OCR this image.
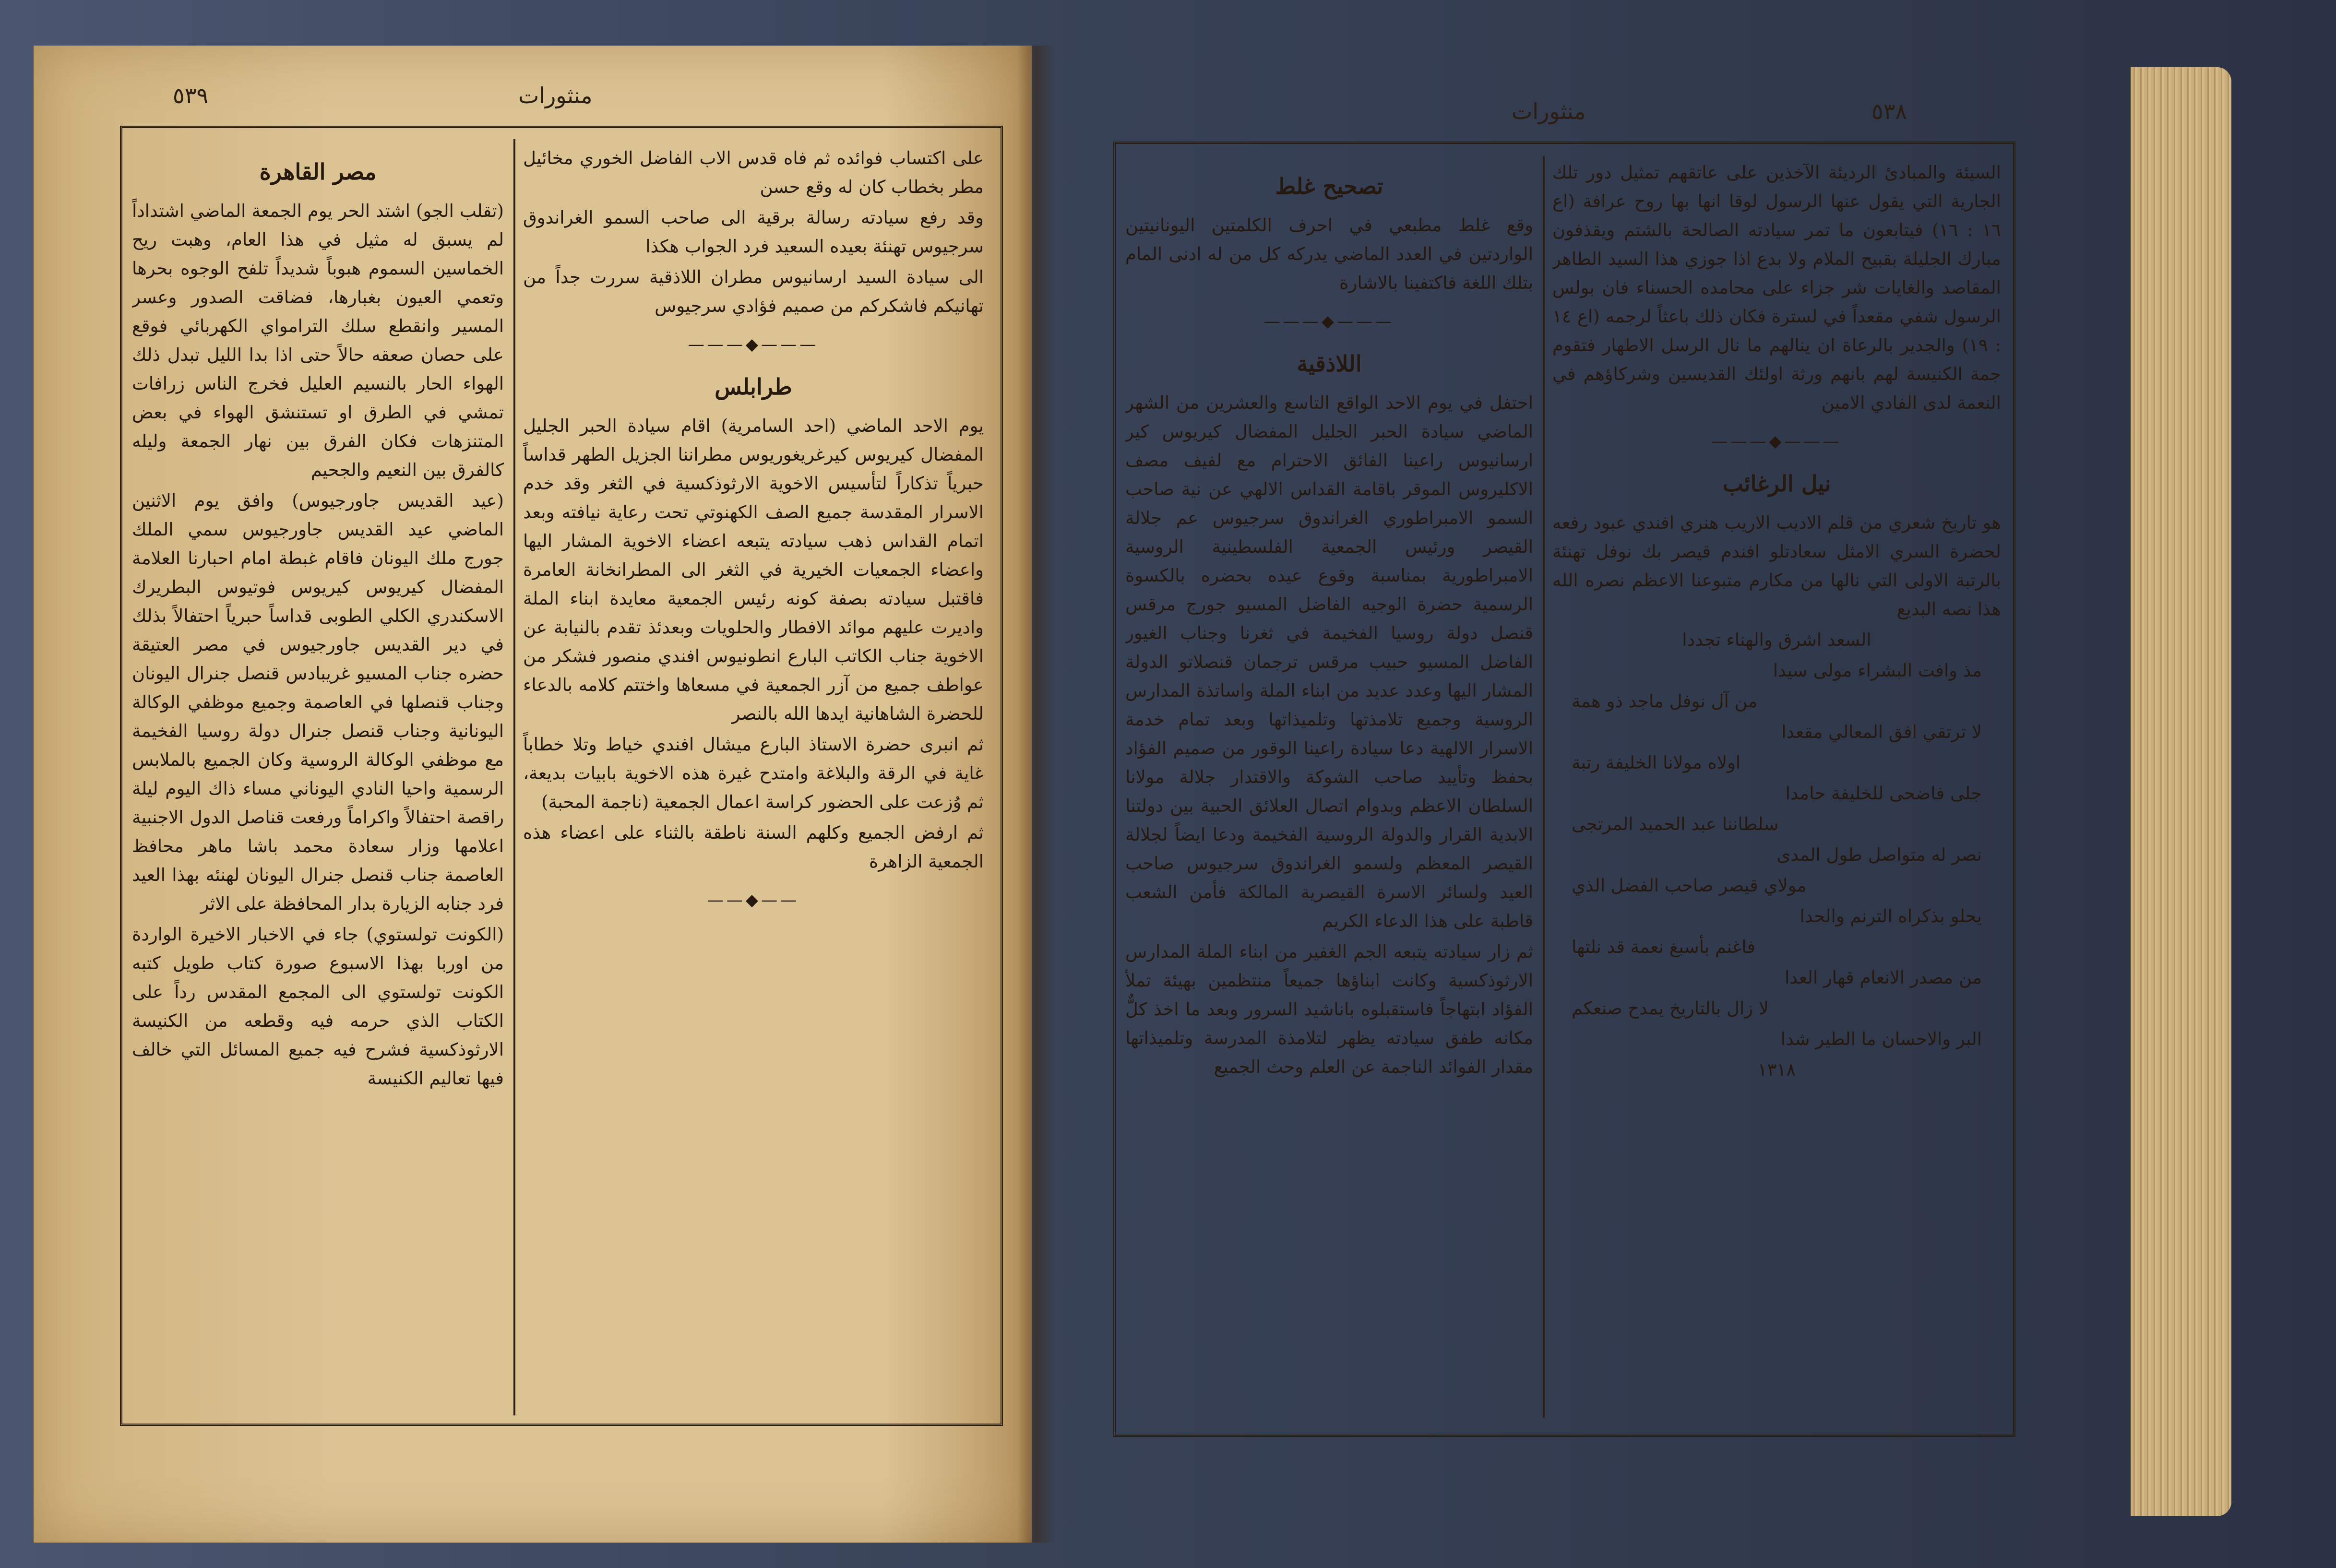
٥٣٩	منثورات

على اكتساب فوائده ثم فاه قدس الاب الفاضل الخوري مخائيل مطر بخطاب كان له وقع حسن

وقد رفع سيادته رسالة برقية الى صاحب السمو الغراندوق سرجيوس تهنئة بعيده السعيد فرد الجواب هكذا

الى سيادة السيد ارسانيوس مطران اللاذقية سررت جداً من تهانيكم فاشكركم من صميم فؤادي سرجيوس

———◆———
طرابلس

يوم الاحد الماضي (احد السامرية) اقام سيادة الحبر الجليل المفضال كيريوس كيرغريغوريوس مطراننا الجزيل الطهر قداساً حبرياً تذكاراً لتأسيس الاخوية الارثوذكسية في الثغر وقد خدم الاسرار المقدسة جميع الصف الكهنوتي تحت رعاية نيافته وبعد اتمام القداس ذهب سيادته يتبعه اعضاء الاخوية المشار اليها واعضاء الجمعيات الخيرية في الثغر الى المطرانخانة العامرة فاقتبل سيادته بصفة كونه رئيس الجمعية معايدة ابناء الملة واديرت عليهم موائد الافطار والحلويات وبعدئذ تقدم بالنيابة عن الاخوية جناب الكاتب البارع انطونيوس افندي منصور فشكر من عواطف جميع من آزر الجمعية في مسعاها واختتم كلامه بالدعاء للحضرة الشاهانية ايدها الله بالنصر

ثم انبرى حضرة الاستاذ البارع ميشال افندي خياط وتلا خطاباً غاية في الرقة والبلاغة وامتدح غيرة هذه الاخوية بابيات بديعة، ثم وُزعت على الحضور كراسة اعمال الجمعية (ناجمة المحبة)

ثم ارفض الجميع وكلهم السنة ناطقة بالثناء على اعضاء هذه الجمعية الزاهرة

——◆——
مصر القاهرة

(تقلب الجو) اشتد الحر يوم الجمعة الماضي اشتداداً لم يسبق له مثيل في هذا العام، وهبت ريح الخماسين السموم هبوباً شديداً تلفح الوجوه بحرها وتعمي العيون بغبارها، فضاقت الصدور وعسر المسير وانقطع سلك الترامواي الكهربائي فوقع على حصان صعقه حالاً حتى اذا بدا الليل تبدل ذلك الهواء الحار بالنسيم العليل فخرج الناس زرافات تمشي في الطرق او تستنشق الهواء في بعض المتنزهات فكان الفرق بين نهار الجمعة وليله كالفرق بين النعيم والجحيم

(عيد القديس جاورجيوس) وافق يوم الاثنين الماضي عيد القديس جاورجيوس سمي الملك جورج ملك اليونان فاقام غبطة امام احبارنا العلامة المفضال كيريوس كيريوس فوتيوس البطريرك الاسكندري الكلي الطوبى قداساً حبرياً احتفالاً بذلك في دير القديس جاورجيوس في مصر العتيقة حضره جناب المسيو غريبادس قنصل جنرال اليونان وجناب قنصلها في العاصمة وجميع موظفي الوكالة اليونانية وجناب قنصل جنرال دولة روسيا الفخيمة مع موظفي الوكالة الروسية وكان الجميع بالملابس الرسمية واحيا النادي اليوناني مساء ذاك اليوم ليلة راقصة احتفالاً واكراماً ورفعت قناصل الدول الاجنبية اعلامها وزار سعادة محمد باشا ماهر محافظ العاصمة جناب قنصل جنرال اليونان لهنئه بهذا العيد فرد جنابه الزيارة بدار المحافظة على الاثر

(الكونت تولستوي) جاء في الاخبار الاخيرة الواردة من اوربا بهذا الاسبوع صورة كتاب طويل كتبه الكونت تولستوي الى المجمع المقدس رداً على الكتاب الذي حرمه فيه وقطعه من الكنيسة الارثوذكسية فشرح فيه جميع المسائل التي خالف فيها تعاليم الكنيسة

منثورات	٥٣٨

السيئة والمبادئ الرديئة الآخذين على عاتقهم تمثيل دور تلك الجارية التي يقول عنها الرسول لوقا انها بها روح عرافة (اع ١٦ : ١٦) فيتابعون ما تمر سيادته الصالحة بالشتم ويقذفون مبارك الجليلة بقبيح الملام ولا بدع اذا جوزي هذا السيد الطاهر المقاصد والغايات شر جزاء على محامده الحسناء فان بولس الرسول شفي مقعداً في لسترة فكان ذلك باعثاً لرجمه (اع ١٤ : ١٩) والجدير بالرعاة ان ينالهم ما نال الرسل الاطهار فتقوم جمة الكنيسة لهم بانهم ورثة اولئك القديسين وشركاؤهم في النعمة لدى الفادي الامين

———◆———
نيل الرغائب

هو تاريخ شعري من قلم الاديب الاريب هنري افندي عبود رفعه لحضرة السري الامثل سعادتلو افندم قيصر بك نوفل تهنئة بالرتبة الاولى التي نالها من مكارم متبوعنا الاعظم نصره الله هذا نصه البديع

السعد اشرق والهناء تجددا

مذ وافت البشراء مولى سيدا

من آل نوفل ماجد ذو همة

لا ترتقي افق المعالي مقعدا

اولاه مولانا الخليفة رتبة

جلى فاضحى للخليفة حامدا

سلطاننا عبد الحميد المرتجى

نصر له متواصل طول المدى

مولاي قيصر صاحب الفضل الذي

يحلو بذكراه الترنم والحدا

فاغنم بأسبغ نعمة قد نلتها

من مصدر الانعام قهار العدا

لا زال بالتاريخ يمدح صنعكم

البر والاحسان ما الطير شدا

١٣١٨

تصحيح غلط

وقع غلط مطبعي في احرف الكلمتين اليونانيتين الواردتين في العدد الماضي يدركه كل من له ادنى المام بتلك اللغة فاكتفينا بالاشارة

———◆———
اللاذقية

احتفل في يوم الاحد الواقع التاسع والعشرين من الشهر الماضي سيادة الحبر الجليل المفضال كيريوس كير ارسانيوس راعينا الفائق الاحترام مع لفيف مصف الاكليروس الموقر باقامة القداس الالهي عن نية صاحب السمو الامبراطوري الغراندوق سرجيوس عم جلالة القيصر ورئيس الجمعية الفلسطينية الروسية الامبراطورية بمناسبة وقوع عيده بحضره بالكسوة الرسمية حضرة الوجيه الفاضل المسيو جورج مرقس قنصل دولة روسيا الفخيمة في ثغرنا وجناب الغيور الفاضل المسيو حبيب مرقس ترجمان قنصلاتو الدولة المشار اليها وعدد عديد من ابناء الملة واساتذة المدارس الروسية وجميع تلامذتها وتلميذاتها وبعد تمام خدمة الاسرار الالهية دعا سيادة راعينا الوقور من صميم الفؤاد بحفظ وتأييد صاحب الشوكة والاقتدار جلالة مولانا السلطان الاعظم وبدوام اتصال العلائق الحبية بين دولتنا الابدية القرار والدولة الروسية الفخيمة ودعا ايضاً لجلالة القيصر المعظم ولسمو الغراندوق سرجيوس صاحب العيد ولسائر الاسرة القيصرية المالكة فأمن الشعب قاطبة على هذا الدعاء الكريم

ثم زار سيادته يتبعه الجم الغفير من ابناء الملة المدارس الارثوذكسية وكانت ابناؤها جميعاً منتظمين بهيئة تملأ الفؤاد ابتهاجاً فاستقبلوه باناشيد السرور وبعد ما اخذ كلٌّ مكانه طفق سيادته يظهر لتلامذة المدرسة وتلميذاتها مقدار الفوائد الناجمة عن العلم وحث الجميع
